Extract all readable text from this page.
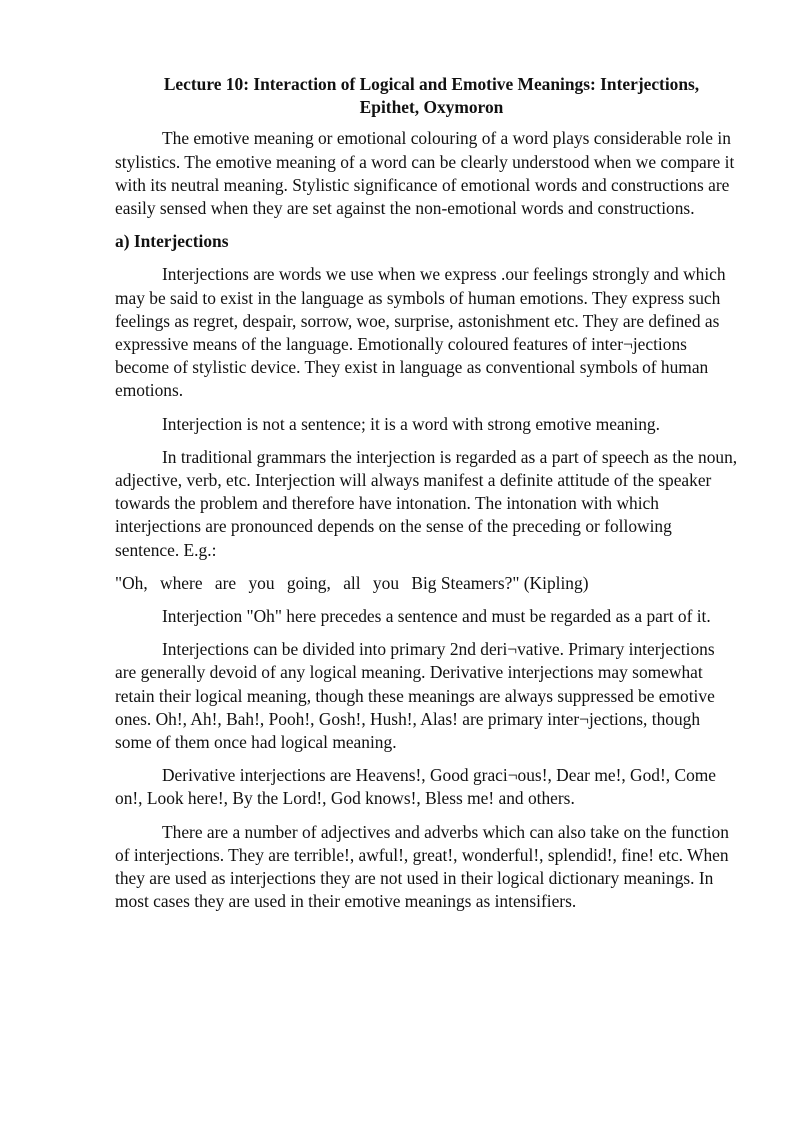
Lecture 10: Interaction of Logical and Emotive Meanings: Interjections,
Epithet, Oxymoron

The emotive meaning or emotional colouring of a word plays considerable role in stylistics. The emotive meaning of a word can be clearly understood when we compare it with its neutral meaning. Stylistic significance of emotional words and constructions are easily sensed when they are set against the non-emotional words and constructions.

a) Interjections

Interjections are words we use when we express .our feelings strongly and which may be said to exist in the language as symbols of human emotions. They express such feelings as regret, despair, sorrow, woe, surprise, astonishment etc. They are defined as expressive means of the language. Emotionally coloured features of inter¬jections become of stylistic device. They exist in language as conventional symbols of human emotions.

Interjection is not a sentence; it is a word with strong emotive meaning.

In traditional grammars the interjection is regarded as a part of speech as the noun, adjective, verb, etc. Interjection will always manifest a definite attitude of the speaker towards the problem and therefore have intonation. The intonation with which interjections are pronounced depends on the sense of the preceding or following sentence. E.g.:

"Oh, where are you going, all you Big Steamers?" (Kipling)

Interjection "Oh" here precedes a sentence and must be regarded as a part of it.

Interjections can be divided into primary 2nd deri¬vative. Primary interjections are generally devoid of any logical meaning. Derivative interjections may somewhat retain their logical meaning, though these meanings are always suppressed be emotive ones. Oh!, Ah!, Bah!, Pooh!, Gosh!, Hush!, Alas! are primary inter¬jections, though some of them once had logical meaning.

Derivative interjections are Heavens!, Good graci¬ous!, Dear me!, God!, Come on!, Look here!, By the Lord!, God knows!, Bless me! and others.

There are a number of adjectives and adverbs which can also take on the function of interjections. They are terrible!, awful!, great!, wonderful!, splendid!, fine! etc. When they are used as interjections they are not used in their logical dictionary meanings. In most cases they are used in their emotive meanings as intensifiers.
